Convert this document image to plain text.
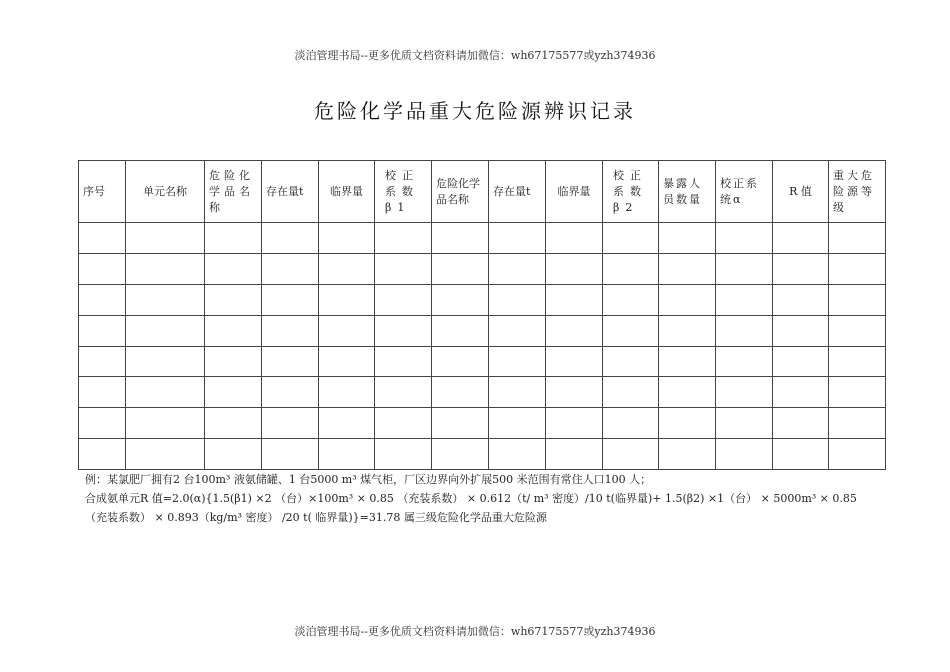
淡泊管理书局--更多优质文档资料请加微信：wh67175577或yzh374936
危险化学品重大危险源辨识记录
序号	单元名称	危险化学品名称	存在量t	临界量	校正系数β1	危险化学品名称	存在量t	临界量	校正系数β2	暴露人员数量	校正系统α	R 值	重大危险源等级

例：某氯肥厂拥有2 台100m³ 液氨储罐、1 台5000 m³ 煤气柜，厂区边界向外扩展500 米范围有常住人口100 人；

合成氨单元R 值=2.0(α){1.5(β1) ×2 （台）×100m³ × 0.85 （充装系数） × 0.612（t/ m³ 密度）/10 t(临界量)+ 1.5(β2) ×1（台） × 5000m³ × 0.85 （充装系数） × 0.893（kg/m³ 密度） /20 t( 临界量)}=31.78 属三级危险化学品重大危险源

淡泊管理书局--更多优质文档资料请加微信：wh67175577或yzh374936
